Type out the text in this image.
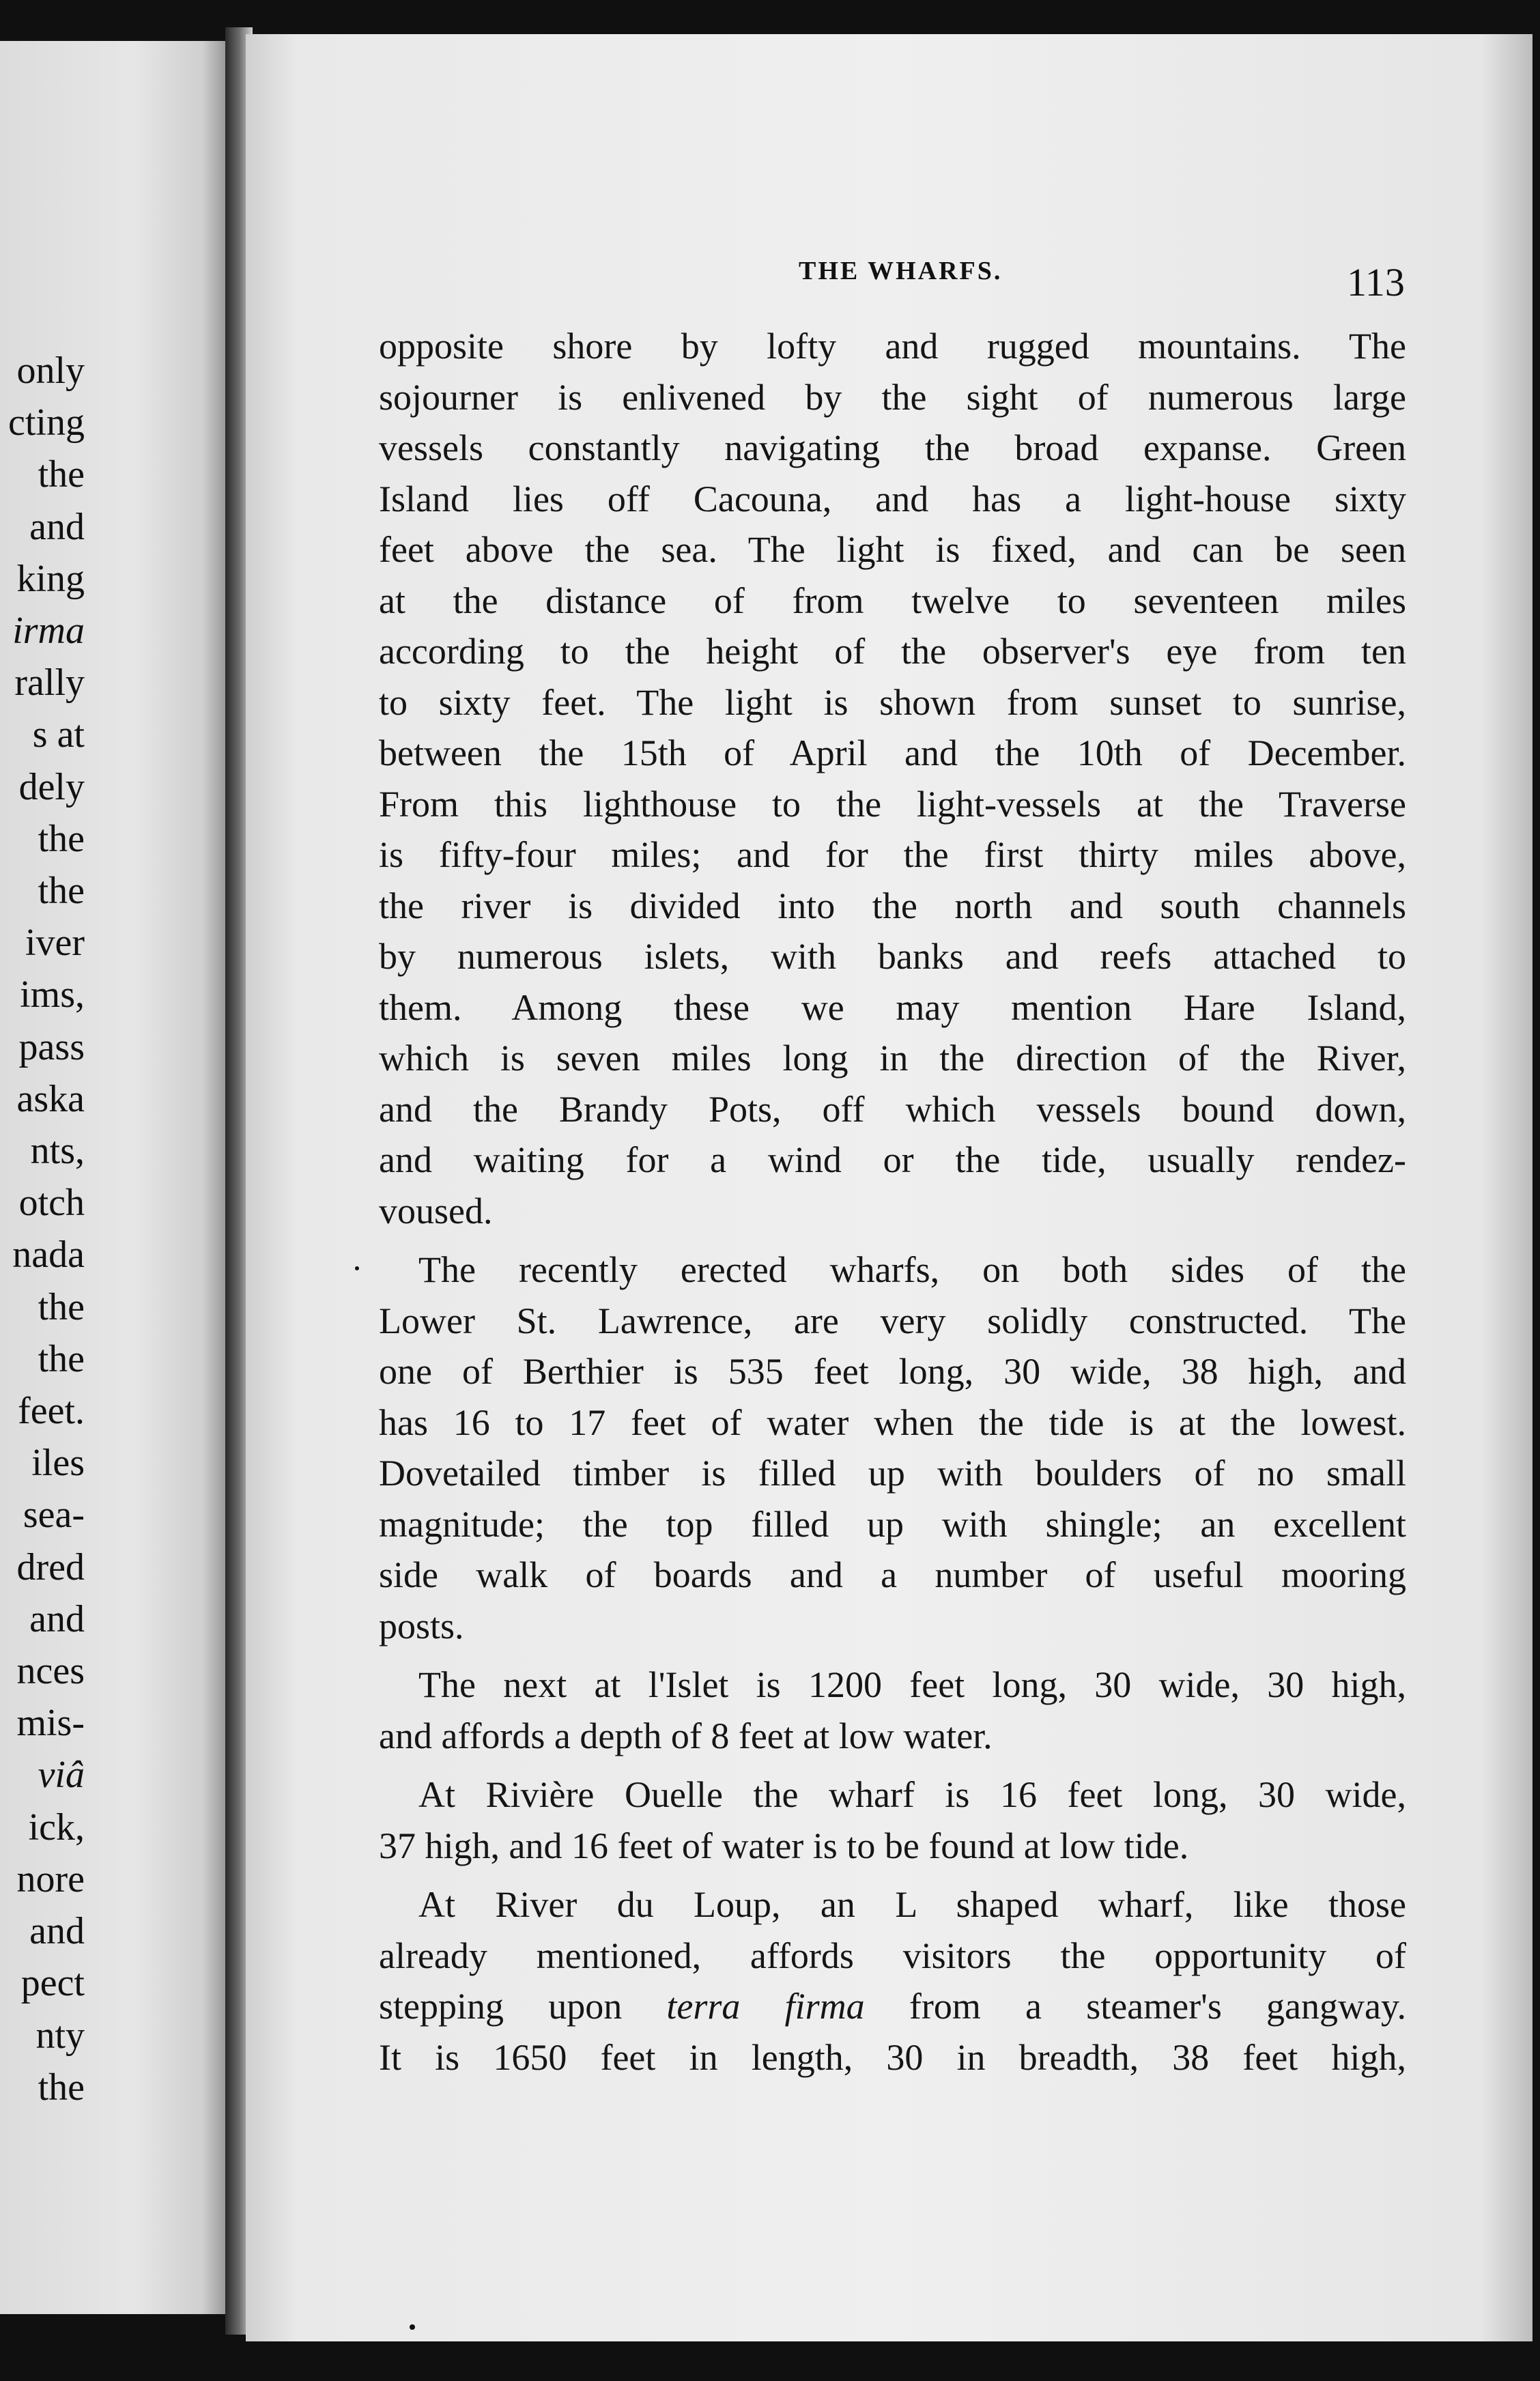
only
cting
the
and
king
irma
rally
s at
dely
the
the
iver
ims,
pass
aska
nts,
otch
nada
the
the
feet.
iles
sea-
dred
and
nces
mis-
viâ
ick,
nore
and
pect
nty
the
THE WHARFS.	113

opposite shore by lofty and rugged mountains. The
sojourner is enlivened by the sight of numerous large
vessels constantly navigating the broad expanse. Green
Island lies off Cacouna, and has a light-house sixty
feet above the sea. The light is fixed, and can be seen
at the distance of from twelve to seventeen miles
according to the height of the observer's eye from ten
to sixty feet. The light is shown from sunset to sunrise,
between the 15th of April and the 10th of December.
From this lighthouse to the light-vessels at the Traverse
is fifty-four miles; and for the first thirty miles above,
the river is divided into the north and south channels
by numerous islets, with banks and reefs attached to
them. Among these we may mention Hare Island,
which is seven miles long in the direction of the River,
and the Brandy Pots, off which vessels bound down,
and waiting for a wind or the tide, usually rendez-
voused.

The recently erected wharfs, on both sides of the
Lower St. Lawrence, are very solidly constructed. The
one of Berthier is 535 feet long, 30 wide, 38 high, and
has 16 to 17 feet of water when the tide is at the lowest.
Dovetailed timber is filled up with boulders of no small
magnitude; the top filled up with shingle; an excellent
side walk of boards and a number of useful mooring
posts.

The next at l'Islet is 1200 feet long, 30 wide, 30 high,
and affords a depth of 8 feet at low water.

At Rivière Ouelle the wharf is 16 feet long, 30 wide,
37 high, and 16 feet of water is to be found at low tide.

At River du Loup, an L shaped wharf, like those
already mentioned, affords visitors the opportunity of
stepping upon terra firma from a steamer's gangway.
It is 1650 feet in length, 30 in breadth, 38 feet high,
